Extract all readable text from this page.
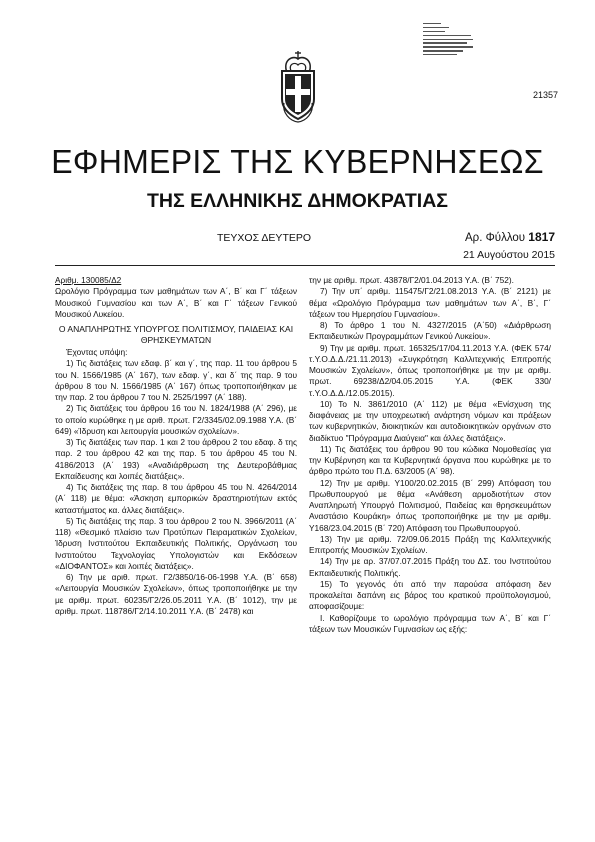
21357
ΕΦΗΜΕΡΙΣ ΤΗΣ ΚΥΒΕΡΝΗΣΕΩΣ
ΤΗΣ ΕΛΛΗΝΙΚΗΣ ΔΗΜΟΚΡΑΤΙΑΣ
ΤΕΥΧΟΣ ΔΕΥΤΕΡΟ	Αρ. Φύλλου 1817
21 Αυγούστου 2015

Αριθμ. 130085/Δ2

Ωρολόγιο Πρόγραμμα των μαθημάτων των Α΄, Β΄ και Γ΄ τάξεων Μουσικού Γυμνασίου και των Α΄, Β΄ και Γ΄ τάξεων Γενικού Μουσικού Λυκείου.

Ο ΑΝΑΠΛΗΡΩΤΗΣ ΥΠΟΥΡΓΟΣ ΠΟΛΙΤΙΣΜΟΥ, ΠΑΙΔΕΙΑΣ ΚΑΙ ΘΡΗΣΚΕΥΜΑΤΩΝ

Έχοντας υπόψη:

1) Τις διατάξεις των εδαφ. β΄ και γ΄, της παρ. 11 του άρθρου 5 του Ν. 1566/1985 (Α΄ 167), των εδαφ. γ΄, και δ΄ της παρ. 9 του άρθρου 8 του Ν. 1566/1985 (Α΄ 167) όπως τροποποιήθηκαν με την παρ. 2 του άρθρου 7 του Ν. 2525/1997 (Α΄ 188).

2) Τις διατάξεις του άρθρου 16 του Ν. 1824/1988 (Α΄ 296), με το οποίο κυρώθηκε η με αριθ. πρωτ. Γ2/3345/02.09.1988 Υ.Α. (Β΄ 649) «Ίδρυση και λειτουργία μουσικών σχολείων».

3) Τις διατάξεις των παρ. 1 και 2 του άρθρου 2 του εδαφ. δ της παρ. 2 του άρθρου 42 και της παρ. 5 του άρθρου 45 του Ν. 4186/2013 (Α΄ 193) «Αναδιάρθρωση της Δευτεροβάθμιας Εκπαίδευσης και λοιπές διατάξεις».

4) Τις διατάξεις της παρ. 8 του άρθρου 45 του Ν. 4264/2014 (Α΄ 118) με θέμα: «Άσκηση εμπορικών δραστηριοτήτων εκτός καταστήματος κα. άλλες διατάξεις».

5) Τις διατάξεις της παρ. 3 του άρθρου 2 του Ν. 3966/2011 (Α΄ 118) «Θεσμικό πλαίσιο των Προτύπων Πειραματικών Σχολείων, Ίδρυση Ινστιτούτου Εκπαιδευτικής Πολιτικής, Οργάνωση του Ινστιτούτου Τεχνολογίας Υπολογιστών και Εκδόσεων «ΔΙΟΦΑΝΤΟΣ» και λοιπές διατάξεις».

6) Την με αριθ. πρωτ. Γ2/3850/16-06-1998 Υ.Α. (Β΄ 658) «Λειτουργία Μουσικών Σχολείων», όπως τροποποιήθηκε με την με αριθμ. πρωτ. 60235/Γ2/26.05.2011 Υ.Α. (Β΄ 1012), την με αριθμ. πρωτ. 118786/Γ2/14.10.2011 Υ.Α. (Β΄ 2478) και

την με αριθμ. πρωτ. 43878/Γ2/01.04.2013 Υ.Α. (Β΄ 752).

7) Την υπ΄ αριθμ. 115475/Γ2/21.08.2013 Υ.Α. (Β΄ 2121) με θέμα «Ωρολόγιο Πρόγραμμα των μαθημάτων των Α΄, Β΄, Γ΄ τάξεων του Ημερησίου Γυμνασίου».

8) Το άρθρο 1 του Ν. 4327/2015 (Α΄50) «Διάρθρωση Εκπαιδευτικών Προγραμμάτων Γενικού Λυκείου».

9) Την με αριθμ. πρωτ. 165325/17/04.11.2013 Υ.Α. (ΦΕΚ 574/τ.Υ.Ο.Δ.Δ./21.11.2013) «Συγκρότηση Καλλιτεχνικής Επιτροπής Μουσικών Σχολείων», όπως τροποποιήθηκε με την με αριθμ. πρωτ. 69238/Δ2/04.05.2015 Υ.Α. (ΦΕΚ 330/τ.Υ.Ο.Δ.Δ./12.05.2015).

10) Το Ν. 3861/2010 (Α΄ 112) με θέμα «Ενίσχυση της διαφάνειας με την υποχρεωτική ανάρτηση νόμων και πράξεων των κυβερνητικών, διοικητικών και αυτοδιοικητικών οργάνων στο διαδίκτυο "Πρόγραμμα Διαύγεια" και άλλες διατάξεις».

11) Τις διατάξεις του άρθρου 90 του κώδικα Νομοθεσίας για την Κυβέρνηση και τα Κυβερνητικά όργανα που κυρώθηκε με το άρθρο πρώτο του Π.Δ. 63/2005 (Α΄ 98).

12) Την με αριθμ. Υ100/20.02.2015 (Β΄ 299) Απόφαση του Πρωθυπουργού με θέμα «Ανάθεση αρμοδιοτήτων στον Αναπληρωτή Υπουργό Πολιτισμού, Παιδείας και θρησκευμάτων Αναστάσιο Κουράκη» όπως τροποποιήθηκε με την με αριθμ. Υ168/23.04.2015 (Β΄ 720) Απόφαση του Πρωθυπουργού.

13) Την με αριθμ. 72/09.06.2015 Πράξη της Καλλιτεχνικής Επιτροπής Μουσικών Σχολείων.

14) Την με αρ. 37/07.07.2015 Πράξη του ΔΣ. του Ινστιτούτου Εκπαιδευτικής Πολιτικής.

15) Το γεγονός ότι από την παρούσα απόφαση δεν προκαλείται δαπάνη εις βάρος του κρατικού προϋπολογισμού, αποφασίζουμε:

Ι. Καθορίζουμε το ωρολόγιο πρόγραμμα των Α΄, Β΄ και Γ΄ τάξεων των Μουσικών Γυμνασίων ως εξής:
